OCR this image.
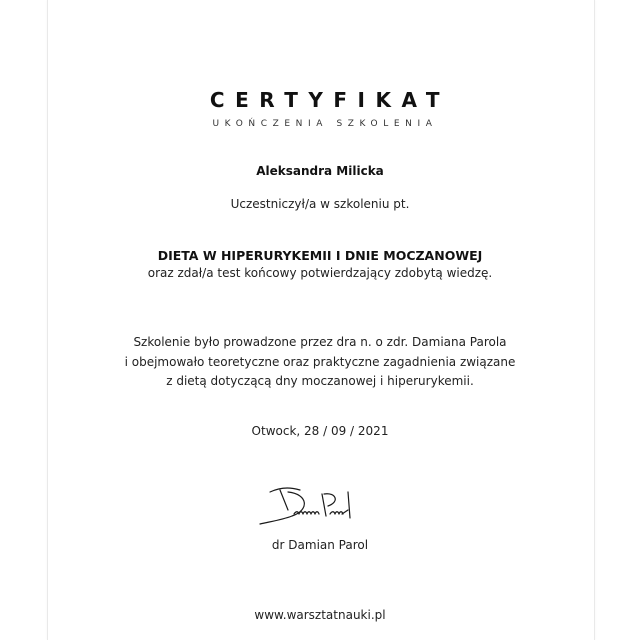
CERTYFIKAT
UKOŃCZENIA SZKOLENIA
Aleksandra Milicka
Uczestniczył/a w szkoleniu pt.
DIETA W HIPERURYKEMII I DNIE MOCZANOWEJ
oraz zdał/a test końcowy potwierdzający zdobytą wiedzę.
Szkolenie było prowadzone przez dra n. o zdr. Damiana Parola
i obejmowało teoretyczne oraz praktyczne zagadnienia związane
z dietą dotyczącą dny moczanowej i hiperurykemii.
Otwock, 28 / 09 / 2021
dr Damian Parol
www.warsztatnauki.pl
